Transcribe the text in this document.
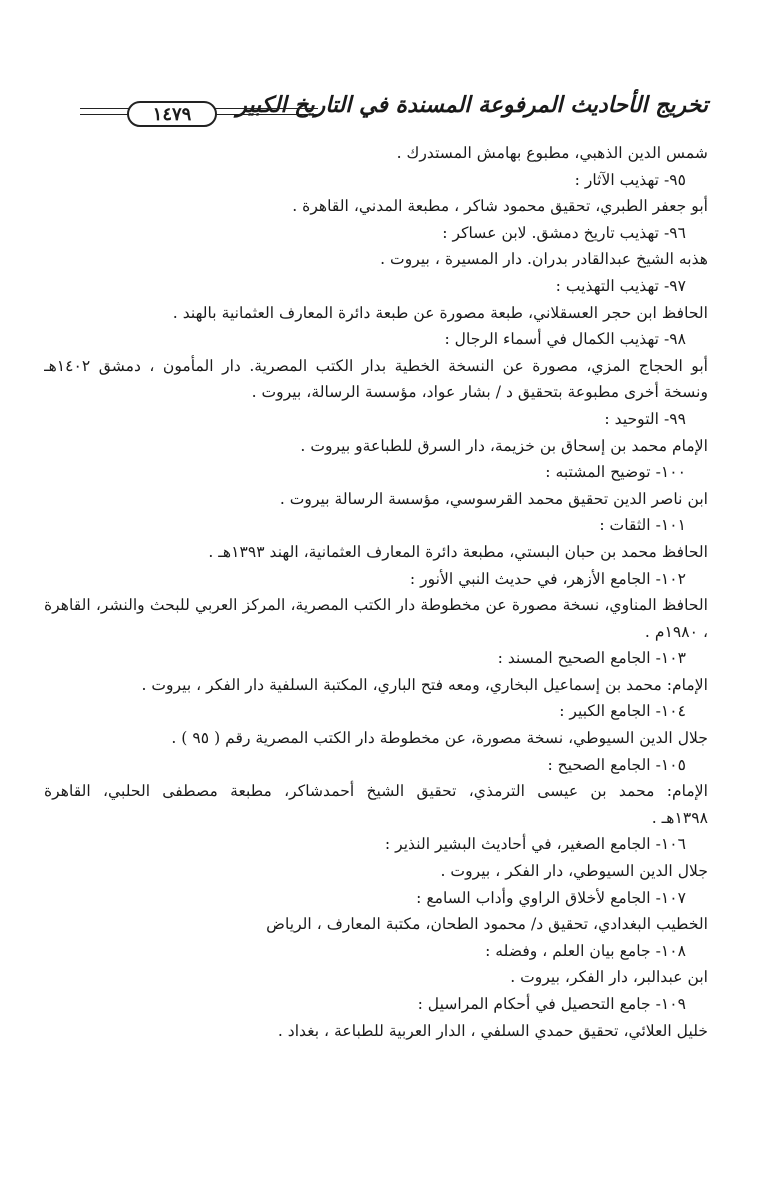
تخريج الأحاديث المرفوعة المسندة في التاريخ الكبير
١٤٧٩
شمس الدين الذهبي، مطبوع بهامش المستدرك .
٩٥- تهذيب الآثار :
أبو جعفر الطبري، تحقيق محمود شاكر ، مطبعة المدني، القاهرة .
٩٦- تهذيب تاريخ دمشق. لابن عساكر :
هذبه الشيخ عبدالقادر بدران. دار المسيرة ، بيروت .
٩٧- تهذيب التهذيب :
الحافظ ابن حجر العسقلاني، طبعة مصورة عن طبعة دائرة المعارف العثمانية بالهند .
٩٨- تهذيب الكمال في أسماء الرجال :
أبو الحجاج المزي، مصورة عن النسخة الخطية بدار الكتب المصرية. دار المأمون ، دمشق ١٤٠٢هـ
ونسخة أخرى مطبوعة بتحقيق د / بشار عواد، مؤسسة الرسالة، بيروت .
٩٩- التوحيد :
الإمام محمد بن إسحاق بن خزيمة، دار السرق للطباعةو بيروت .
١٠٠- توضيح المشتبه :
ابن ناصر الدين تحقيق محمد القرسوسي، مؤسسة الرسالة بيروت .
١٠١- الثقات :
الحافظ محمد بن حبان البستي، مطبعة دائرة المعارف العثمانية، الهند ١٣٩٣هـ .
١٠٢- الجامع الأزهر، في حديث النبي الأنور :
الحافظ المناوي، نسخة مصورة عن مخطوطة دار الكتب المصرية، المركز العربي للبحث والنشر، القاهرة
، ١٩٨٠م .
١٠٣- الجامع الصحيح المسند :
الإمام: محمد بن إسماعيل البخاري، ومعه فتح الباري، المكتبة السلفية دار الفكر ، بيروت .
١٠٤- الجامع الكبير :
جلال الدين السيوطي، نسخة مصورة، عن مخطوطة دار الكتب المصرية رقم ( ٩٥ ) .
١٠٥- الجامع الصحيح :
الإمام: محمد بن عيسى الترمذي، تحقيق الشيخ أحمدشاكر، مطبعة مصطفى الحلبي، القاهرة
١٣٩٨هـ .
١٠٦- الجامع الصغير، في أحاديث البشير النذير :
جلال الدين السيوطي، دار الفكر ، بيروت .
١٠٧- الجامع لأخلاق الراوي وأداب السامع :
الخطيب البغدادي، تحقيق د/ محمود الطحان، مكتبة المعارف ، الرياض
١٠٨- جامع بيان العلم ، وفضله :
ابن عبدالبر، دار الفكر، بيروت .
١٠٩- جامع التحصيل في أحكام المراسيل :
خليل العلائي، تحقيق حمدي السلفي ، الدار العربية للطباعة ، بغداد .
